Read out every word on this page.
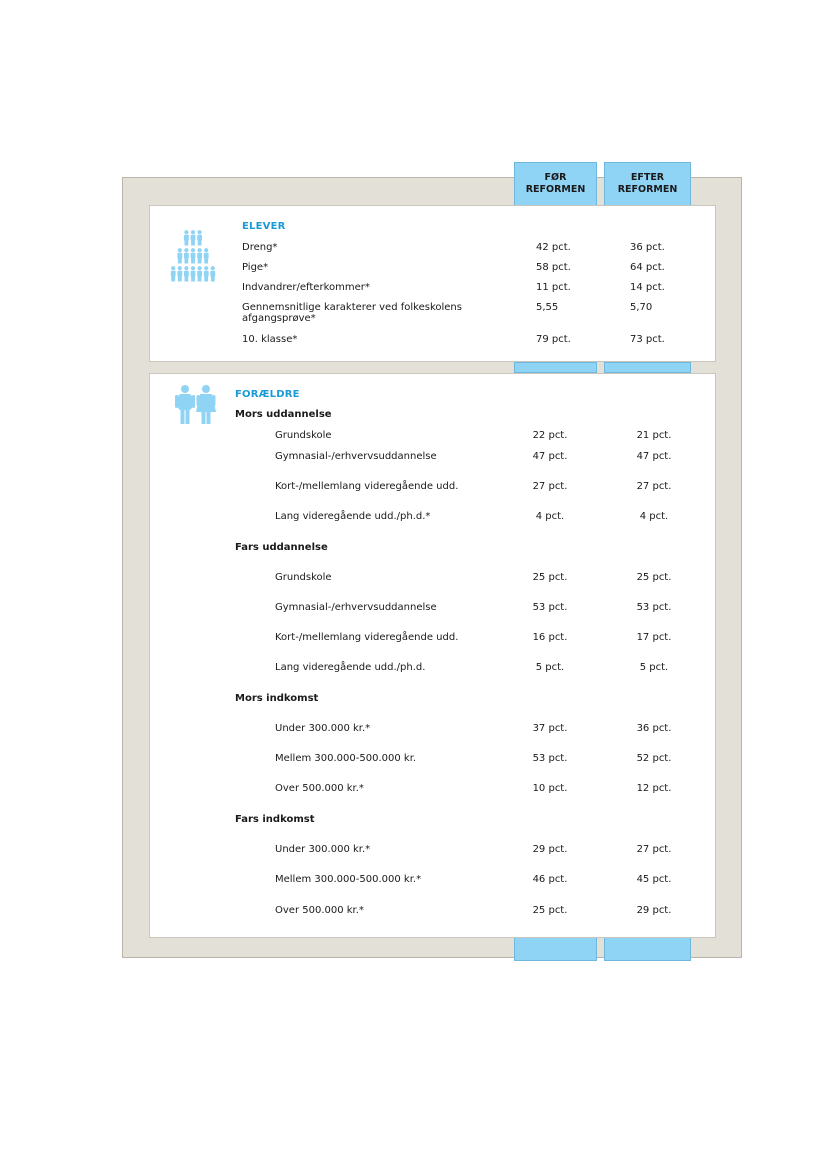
FØR
REFORMEN
EFTER
REFORMEN
ELEVER
Dreng*	42 pct.	36 pct.
Pige*	58 pct.	64 pct.
Indvandrer/efterkommer*	11 pct.	14 pct.
Gennemsnitlige karakterer ved folkeskolens
afgangsprøve*
5,55	5,70
10. klasse*	79 pct.	73 pct.
FORÆLDRE
Mors uddannelse
Grundskole	22 pct.	21 pct.
Gymnasial-/erhvervsuddannelse	47 pct.	47 pct.
Kort-/mellemlang videregående udd.	27 pct.	27 pct.
Lang videregående udd./ph.d.*	4 pct.	4 pct.
Fars uddannelse
Grundskole	25 pct.	25 pct.
Gymnasial-/erhvervsuddannelse	53 pct.	53 pct.
Kort-/mellemlang videregående udd.	16 pct.	17 pct.
Lang videregående udd./ph.d.	5 pct.	5 pct.
Mors indkomst
Under 300.000 kr.*	37 pct.	36 pct.
Mellem 300.000-500.000 kr.	53 pct.	52 pct.
Over 500.000 kr.*	10 pct.	12 pct.
Fars indkomst
Under 300.000 kr.*	29 pct.	27 pct.
Mellem 300.000-500.000 kr.*	46 pct.	45 pct.
Over 500.000 kr.*	25 pct.	29 pct.
